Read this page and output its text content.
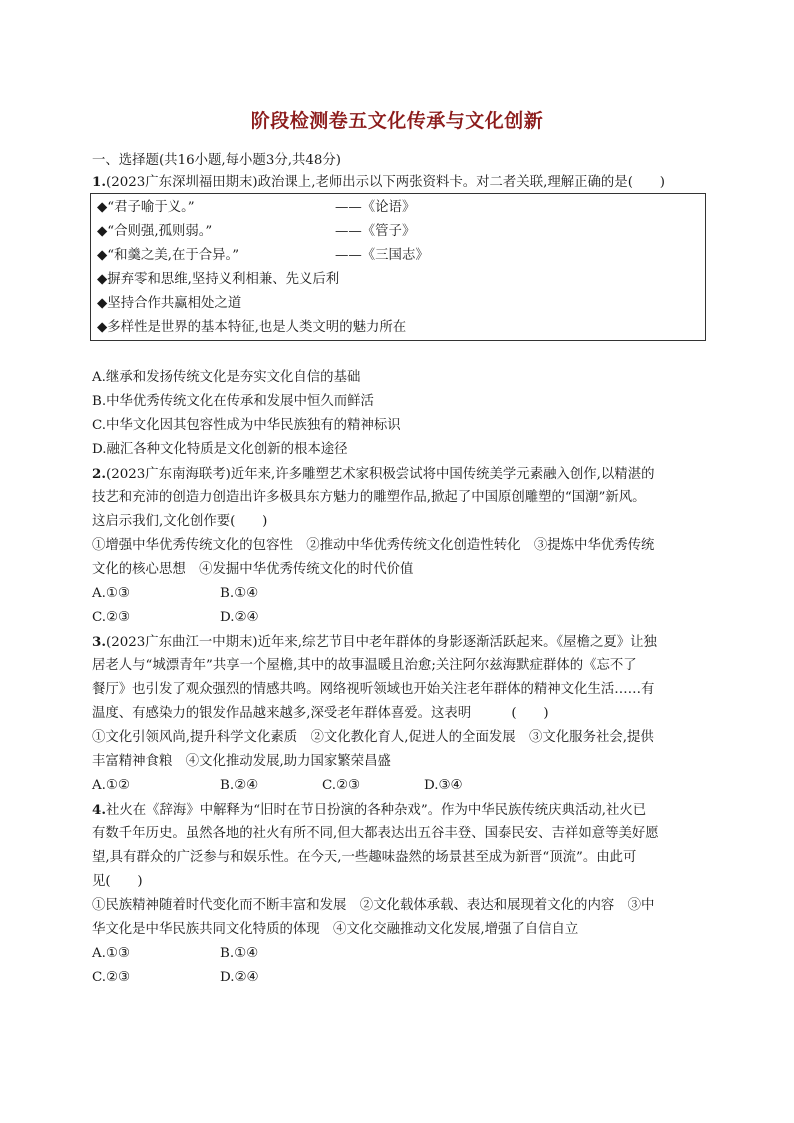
阶段检测卷五文化传承与文化创新
一、选择题(共16小题,每小题3分,共48分)
1.(2023广东深圳福田期末)政治课上,老师出示以下两张资料卡。对二者关联,理解正确的是(　　)
◆“君子喻于义。”	——《论语》
◆“合则强,孤则弱。”	——《管子》
◆“和羹之美,在于合异。”	——《三国志》
◆摒弃零和思维,坚持义利相兼、先义后利
◆坚持合作共赢相处之道
◆多样性是世界的基本特征,也是人类文明的魅力所在
A.继承和发扬传统文化是夯实文化自信的基础
B.中华优秀传统文化在传承和发展中恒久而鲜活
C.中华文化因其包容性成为中华民族独有的精神标识
D.融汇各种文化特质是文化创新的根本途径
2.(2023广东南海联考)近年来,许多雕塑艺术家积极尝试将中国传统美学元素融入创作,以精湛的
技艺和充沛的创造力创造出许多极具东方魅力的雕塑作品,掀起了中国原创雕塑的“国潮”新风。
这启示我们,文化创作要(　　)
①增强中华优秀传统文化的包容性　②推动中华优秀传统文化创造性转化　③提炼中华优秀传统
文化的核心思想　④发掘中华优秀传统文化的时代价值
A.①③	B.①④
C.②③	D.②④
3.(2023广东曲江一中期末)近年来,综艺节目中老年群体的身影逐渐活跃起来。《屋檐之夏》让独
居老人与“城漂青年”共享一个屋檐,其中的故事温暖且治愈;关注阿尔兹海默症群体的《忘不了
餐厅》也引发了观众强烈的情感共鸣。网络视听领域也开始关注老年群体的精神文化生活……有
温度、有感染力的银发作品越来越多,深受老年群体喜爱。这表明　　　(　　)
①文化引领风尚,提升科学文化素质　②文化教化育人,促进人的全面发展　③文化服务社会,提供
丰富精神食粮　④文化推动发展,助力国家繁荣昌盛
A.①②	B.②④	C.②③	D.③④
4.社火在《辞海》中解释为“旧时在节日扮演的各种杂戏”。作为中华民族传统庆典活动,社火已
有数千年历史。虽然各地的社火有所不同,但大都表达出五谷丰登、国泰民安、吉祥如意等美好愿
望,具有群众的广泛参与和娱乐性。在今天,一些趣味盎然的场景甚至成为新晋“顶流”。由此可
见(　　)
①民族精神随着时代变化而不断丰富和发展　②文化载体承载、表达和展现着文化的内容　③中
华文化是中华民族共同文化特质的体现　④文化交融推动文化发展,增强了自信自立
A.①③	B.①④
C.②③	D.②④
